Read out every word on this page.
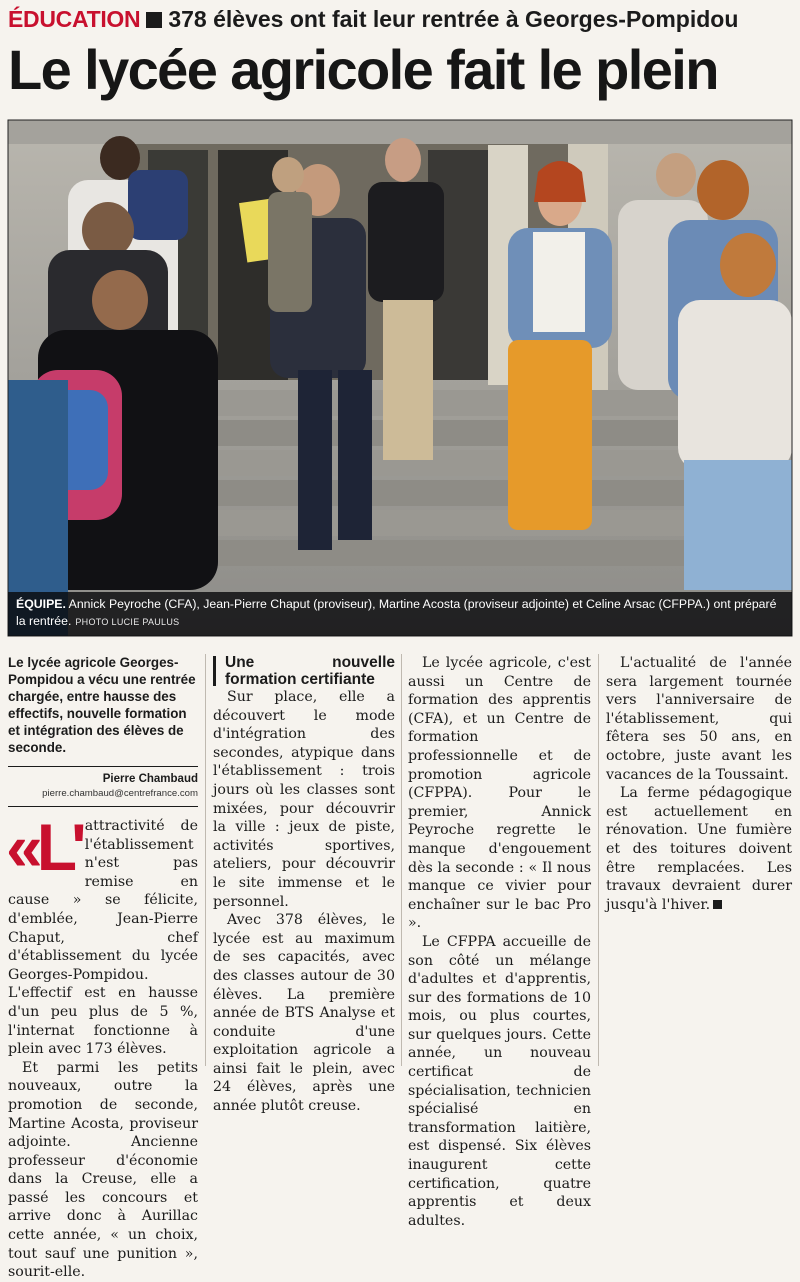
ÉDUCATION 378 élèves ont fait leur rentrée à Georges-Pompidou
Le lycée agricole fait le plein
ÉQUIPE. Annick Peyroche (CFA), Jean-Pierre Chaput (proviseur), Martine Acosta (proviseur adjointe) et Celine Arsac (CFPPA.) ont préparé la rentrée. PHOTO LUCIE PAULUS

Le lycée agricole Georges-Pompidou a vécu une rentrée chargée, entre hausse des effectifs, nouvelle formation et intégration des élèves de seconde.

Pierre Chambaud
pierre.chambaud@centrefrance.com
«L' attractivité de l'établissement n'est pas remise en cause » se félicite, d'emblée, Jean-Pierre Chaput, chef d'établissement du lycée Georges-Pompidou. L'effectif est en hausse d'un peu plus de 5 %, l'internat fonctionne à plein avec 173 élèves.

Et parmi les petits nouveaux, outre la promotion de seconde, Martine Acosta, proviseur adjointe. Ancienne professeur d'économie dans la Creuse, elle a passé les concours et arrive donc à Aurillac cette année, « un choix, tout sauf une punition », sourit-elle.

Une nouvelle formation certifiante

Sur place, elle a découvert le mode d'intégration des secondes, atypique dans l'établissement : trois jours où les classes sont mixées, pour découvrir la ville : jeux de piste, activités sportives, ateliers, pour découvrir le site immense et le personnel.

Avec 378 élèves, le lycée est au maximum de ses capacités, avec des classes autour de 30 élèves. La première année de BTS Analyse et conduite d'une exploitation agricole a ainsi fait le plein, avec 24 élèves, après une année plutôt creuse.

Le lycée agricole, c'est aussi un Centre de formation des apprentis (CFA), et un Centre de formation professionnelle et de promotion agricole (CFPPA). Pour le premier, Annick Peyroche regrette le manque d'engouement dès la seconde : « Il nous manque ce vivier pour enchaîner sur le bac Pro ».

Le CFPPA accueille de son côté un mélange d'adultes et d'apprentis, sur des formations de 10 mois, ou plus courtes, sur quelques jours. Cette année, un nouveau certificat de spécialisation, technicien spécialisé en transformation laitière, est dispensé. Six élèves inaugurent cette certification, quatre apprentis et deux adultes.

L'actualité de l'année sera largement tournée vers l'anniversaire de l'établissement, qui fêtera ses 50 ans, en octobre, juste avant les vacances de la Toussaint.

La ferme pédagogique est actuellement en rénovation. Une fumière et des toitures doivent être remplacées. Les travaux devraient durer jusqu'à l'hiver.
